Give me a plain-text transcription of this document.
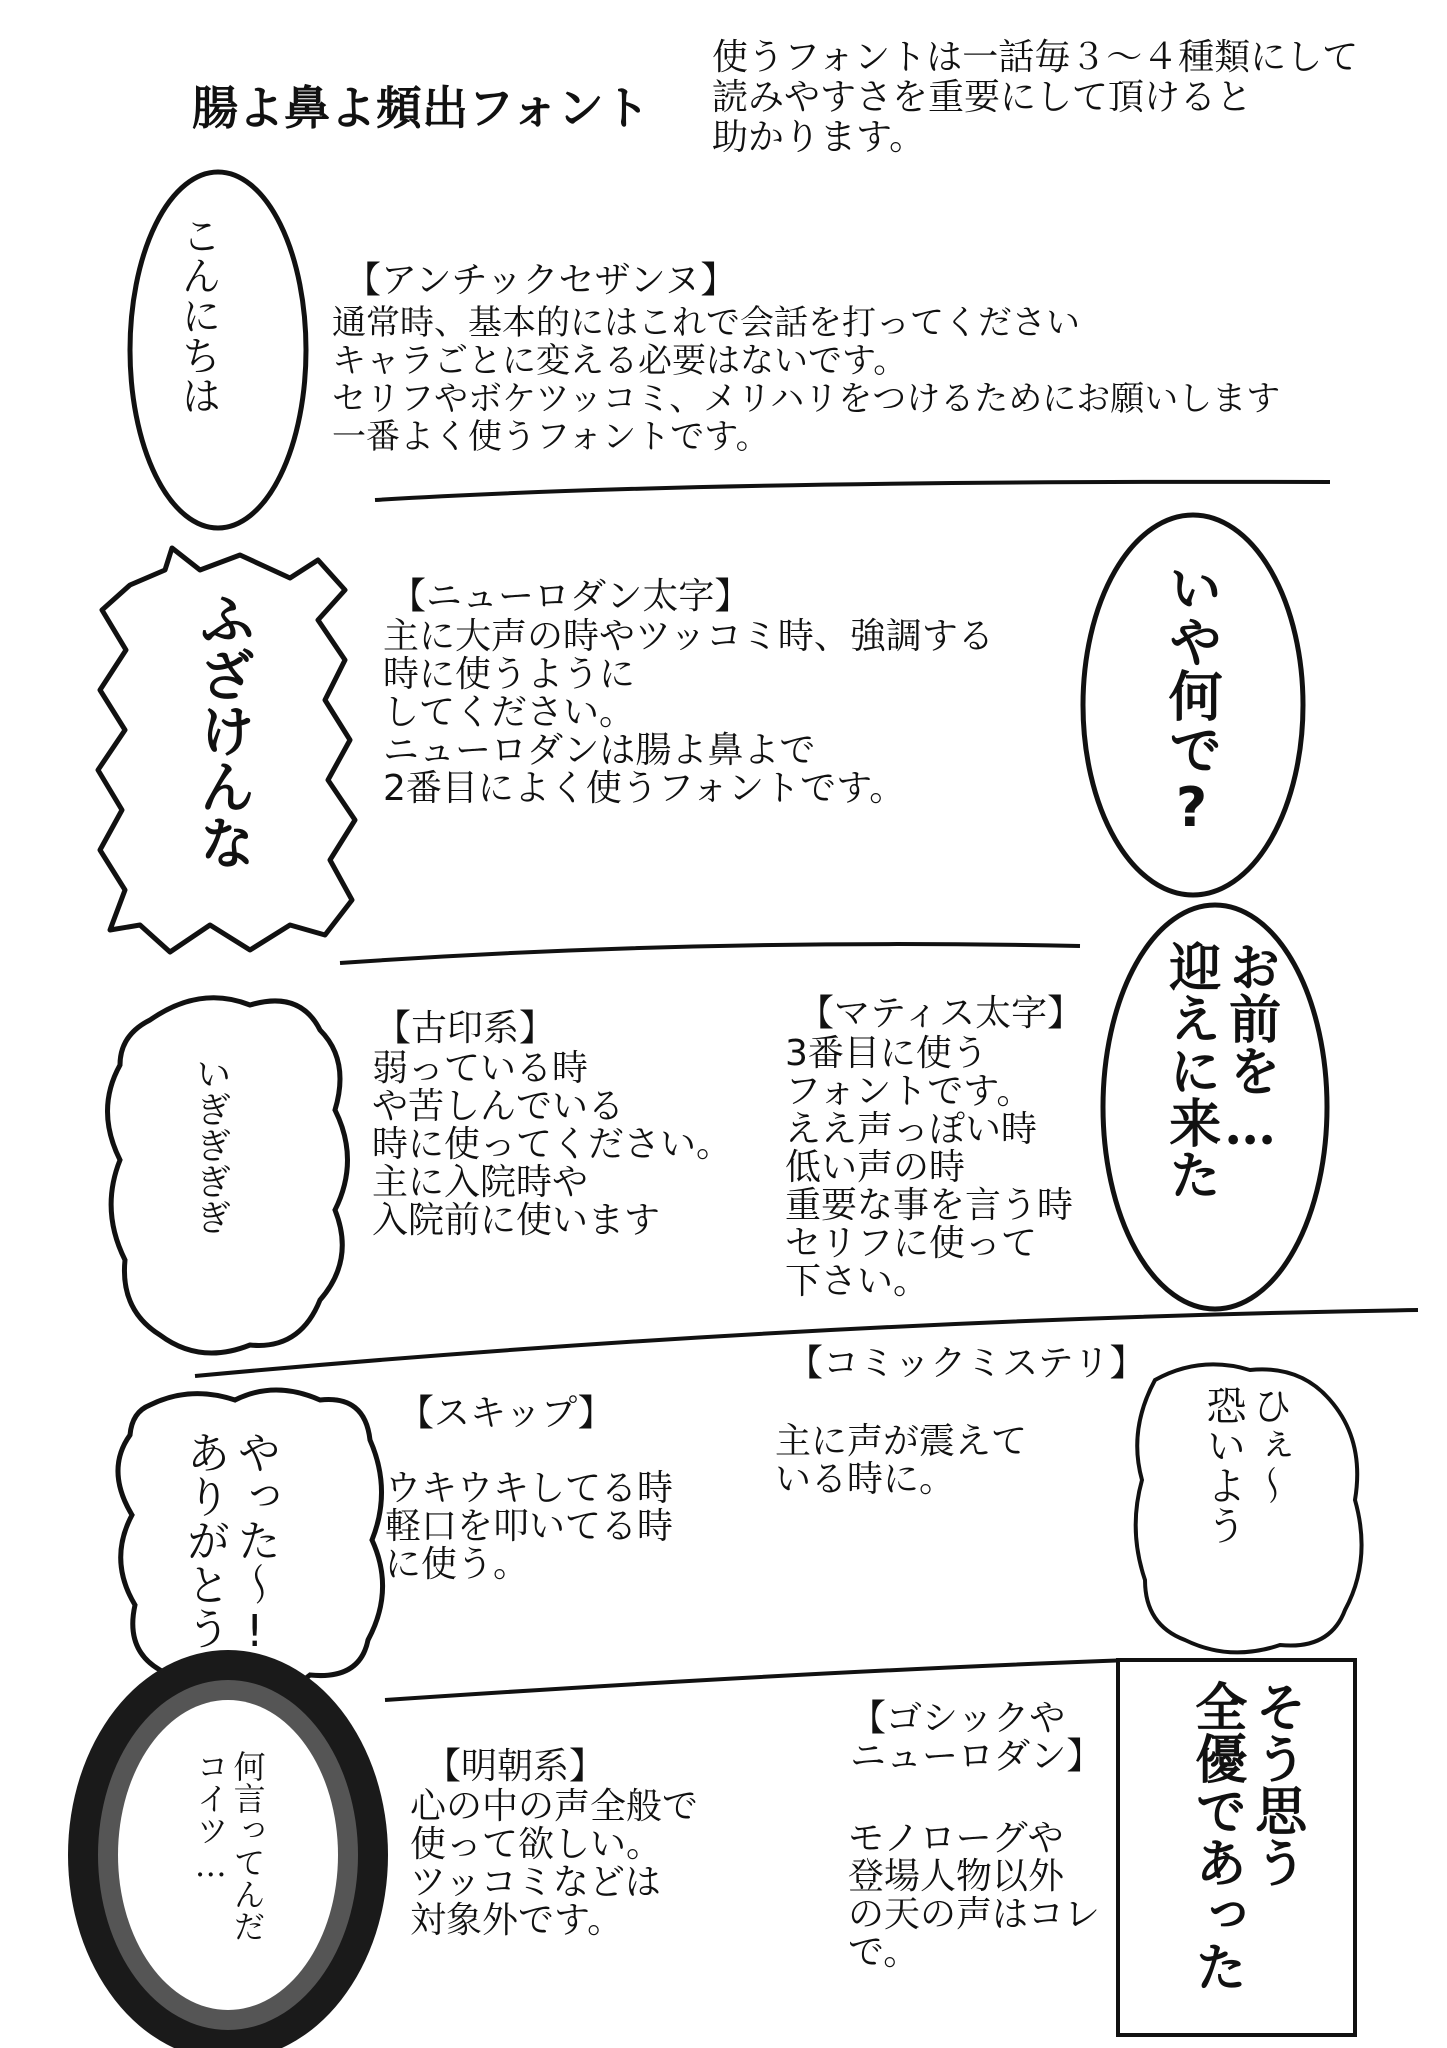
腸よ鼻よ頻出フォント
使うフォントは一話毎３～４種類にして
読みやすさを重要にして頂けると
助かります。
【アンチックセザンヌ】
通常時、基本的にはこれで会話を打ってください
キャラごとに変える必要はないです。
セリフやボケツッコミ、メリハリをつけるためにお願いします
一番よく使うフォントです。
こんにちは
【ニューロダン太字】
主に大声の時やツッコミ時、強調する
時に使うように
してください。
ニューロダンは腸よ鼻よで
2番目によく使うフォントです。
ふざけんな	いや何で?
【古印系】
弱っている時
や苦しんでいる
時に使ってください。
主に入院時や
入院前に使います
いぎぎぎぎ
【マティス太字】
3番目に使う
フォントです。
ええ声っぽい時
低い声の時
重要な事を言う時
セリフに使って
下さい。
お前を…
迎えに来た
【スキップ】
ウキウキしてる時
軽口を叩いてる時
に使う。
やった～!
ありがとう
【コミックミステリ】
主に声が震えて
いる時に。	ひぇ～
恐いよう
【明朝系】
心の中の声全般で
使って欲しい。
ツッコミなどは
対象外です。
何言ってんだ
コイツ…
【ゴシックや
ニューロダン】
モノローグや
登場人物以外
の天の声はコレ
で。
そう思う
全優であった
